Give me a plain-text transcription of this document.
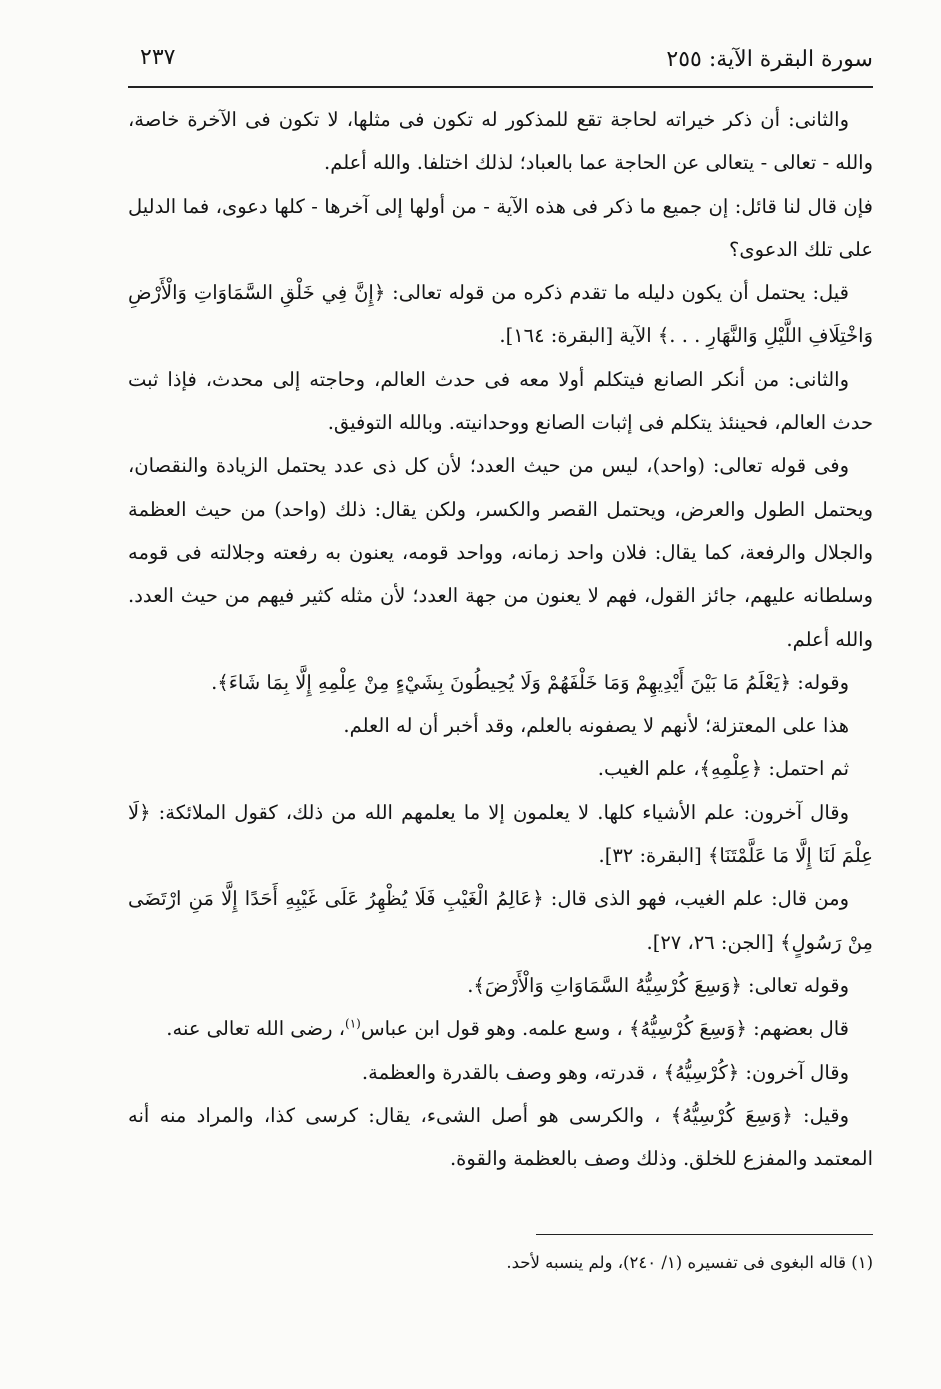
سورة البقرة الآية: ٢٥٥
٢٣٧

والثانى: أن ذكر خيراته لحاجة تقع للمذكور له تكون فى مثلها، لا تكون فى الآخرة خاصة، والله - تعالى - يتعالى عن الحاجة عما بالعباد؛ لذلك اختلفا. والله أعلم.

فإن قال لنا قائل: إن جميع ما ذكر فى هذه الآية - من أولها إلى آخرها - كلها دعوى، فما الدليل على تلك الدعوى؟

قيل: يحتمل أن يكون دليله ما تقدم ذكره من قوله تعالى: ﴿إِنَّ فِي خَلْقِ السَّمَاوَاتِ وَالْأَرْضِ وَاخْتِلَافِ اللَّيْلِ وَالنَّهَارِ . . .﴾ الآية [البقرة: ١٦٤].

والثانى: من أنكر الصانع فيتكلم أولا معه فى حدث العالم، وحاجته إلى محدث، فإذا ثبت حدث العالم، فحينئذ يتكلم فى إثبات الصانع ووحدانيته. وبالله التوفيق.

وفى قوله تعالى: (واحد)، ليس من حيث العدد؛ لأن كل ذى عدد يحتمل الزيادة والنقصان، ويحتمل الطول والعرض، ويحتمل القصر والكسر، ولكن يقال: ذلك (واحد) من حيث العظمة والجلال والرفعة، كما يقال: فلان واحد زمانه، وواحد قومه، يعنون به رفعته وجلالته فى قومه وسلطانه عليهم، جائز القول، فهم لا يعنون من جهة العدد؛ لأن مثله كثير فيهم من حيث العدد. والله أعلم.

وقوله: ﴿يَعْلَمُ مَا بَيْنَ أَيْدِيهِمْ وَمَا خَلْفَهُمْ وَلَا يُحِيطُونَ بِشَيْءٍ مِنْ عِلْمِهِ إِلَّا بِمَا شَاءَ﴾.

هذا على المعتزلة؛ لأنهم لا يصفونه بالعلم، وقد أخبر أن له العلم.

ثم احتمل: ﴿عِلْمِهِ﴾، علم الغيب.

وقال آخرون: علم الأشياء كلها. لا يعلمون إلا ما يعلمهم الله من ذلك، كقول الملائكة: ﴿لَا عِلْمَ لَنَا إِلَّا مَا عَلَّمْتَنَا﴾ [البقرة: ٣٢].

ومن قال: علم الغيب، فهو الذى قال: ﴿عَالِمُ الْغَيْبِ فَلَا يُظْهِرُ عَلَى غَيْبِهِ أَحَدًا إِلَّا مَنِ ارْتَضَى مِنْ رَسُولٍ﴾ [الجن: ٢٦، ٢٧].

وقوله تعالى: ﴿وَسِعَ كُرْسِيُّهُ السَّمَاوَاتِ وَالْأَرْضَ﴾.

قال بعضهم: ﴿وَسِعَ كُرْسِيُّهُ﴾ ، وسع علمه. وهو قول ابن عباس$^{(١)}$، رضى الله تعالى عنه.

وقال آخرون: ﴿كُرْسِيُّهُ﴾ ، قدرته، وهو وصف بالقدرة والعظمة.

وقيل: ﴿وَسِعَ كُرْسِيُّهُ﴾ ، والكرسى هو أصل الشىء، يقال: كرسى كذا، والمراد منه أنه المعتمد والمفزع للخلق. وذلك وصف بالعظمة والقوة.

(١) قاله البغوى فى تفسيره (١/ ٢٤٠)، ولم ينسبه لأحد.
